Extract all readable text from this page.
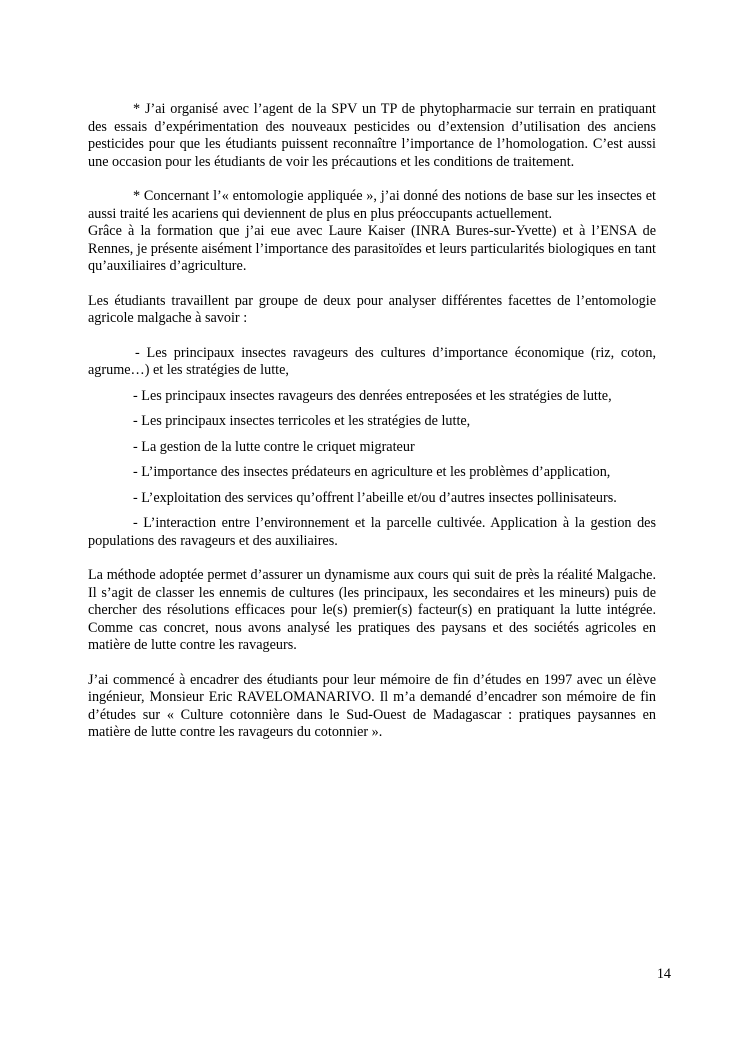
* J’ai organisé avec l’agent de la SPV un TP de phytopharmacie sur terrain en pratiquant des essais d’expérimentation des nouveaux pesticides ou d’extension d’utilisation des anciens pesticides pour que les étudiants puissent reconnaître l’importance de l’homologation. C’est aussi une occasion pour les étudiants de voir les précautions et les conditions de traitement.

* Concernant l’« entomologie appliquée », j’ai donné des notions de base sur les insectes et aussi traité les acariens qui deviennent de plus en plus préoccupants actuellement.

Grâce à la formation que j’ai eue avec Laure Kaiser (INRA Bures-sur-Yvette) et à l’ENSA de Rennes, je présente aisément l’importance des parasitoïdes et leurs particularités biologiques en tant qu’auxiliaires d’agriculture.

Les étudiants travaillent par groupe de deux pour analyser différentes facettes de l’entomologie agricole malgache à savoir :

- Les principaux insectes ravageurs des cultures d’importance économique (riz, coton, agrume…) et les stratégies de lutte,

- Les principaux insectes ravageurs des denrées entreposées et les stratégies de lutte,

- Les principaux insectes terricoles et les stratégies de lutte,

- La gestion de la lutte contre le criquet migrateur

- L’importance des insectes prédateurs en agriculture et les problèmes d’application,

- L’exploitation des services qu’offrent l’abeille et/ou d’autres insectes pollinisateurs.

- L’interaction entre l’environnement et la parcelle cultivée. Application à la gestion des populations des ravageurs et des auxiliaires.

La méthode adoptée permet d’assurer un dynamisme aux cours qui suit de près la réalité Malgache. Il s’agit de classer les ennemis de cultures (les principaux, les secondaires et les mineurs) puis de chercher des résolutions efficaces pour le(s) premier(s) facteur(s) en pratiquant la lutte intégrée. Comme cas concret, nous avons analysé les pratiques des paysans et des sociétés agricoles en matière de lutte contre les ravageurs.

J’ai commencé à encadrer des étudiants pour leur mémoire de fin d’études en 1997 avec un élève ingénieur, Monsieur Eric RAVELOMANARIVO. Il m’a demandé d’encadrer son mémoire de fin d’études sur « Culture cotonnière dans le Sud-Ouest de Madagascar : pratiques paysannes en matière de lutte contre les ravageurs du cotonnier ».

14
